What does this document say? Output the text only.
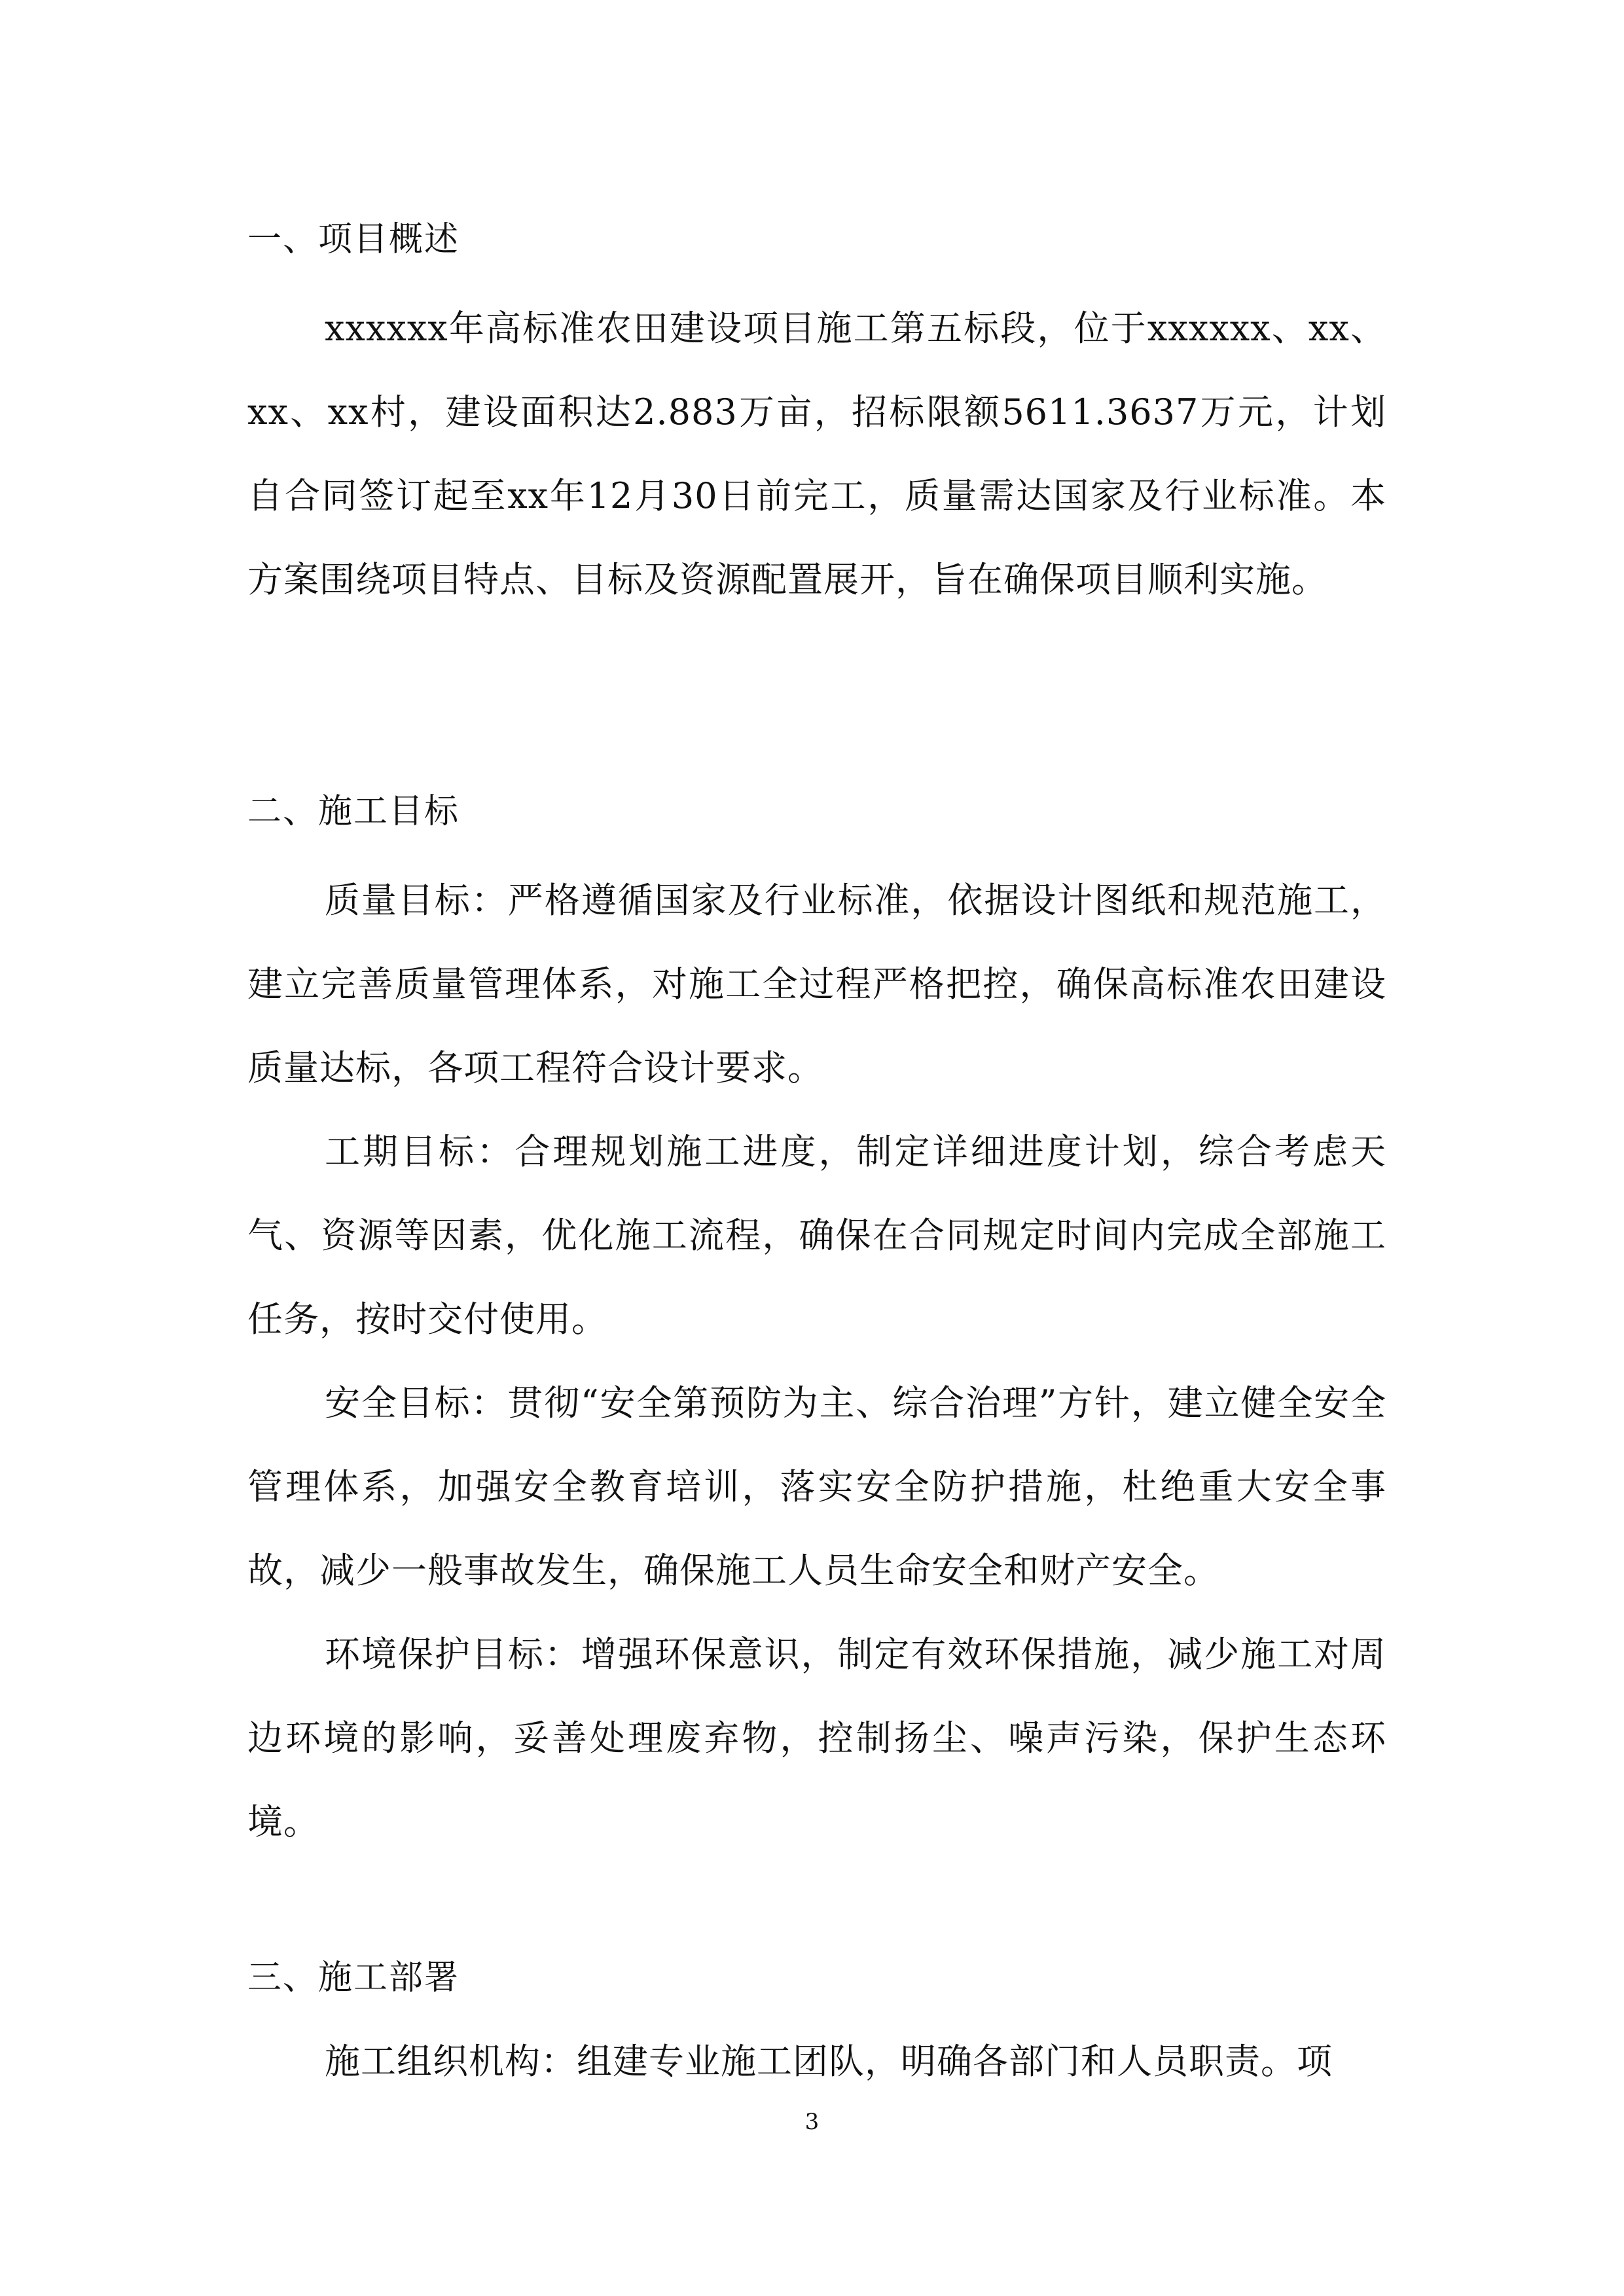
一、项目概述
xxxxxx年高标准农田建设项目施工第五标段，位于xxxxxx、xx、xx、xx村，建设面积达2.883万亩，招标限额5611.3637万元，计划自合同签订起至xx年12月30日前完工，质量需达国家及行业标准。本方案围绕项目特点、目标及资源配置展开，旨在确保项目顺利实施。
二、施工目标
质量目标：严格遵循国家及行业标准，依据设计图纸和规范施工，建立完善质量管理体系，对施工全过程严格把控，确保高标准农田建设质量达标，各项工程符合设计要求。
工期目标：合理规划施工进度，制定详细进度计划，综合考虑天气、资源等因素，优化施工流程，确保在合同规定时间内完成全部施工任务，按时交付使用。
安全目标：贯彻“安全第预防为主、综合治理”方针，建立健全安全管理体系，加强安全教育培训，落实安全防护措施，杜绝重大安全事故，减少一般事故发生，确保施工人员生命安全和财产安全。
环境保护目标：增强环保意识，制定有效环保措施，减少施工对周边环境的影响，妥善处理废弃物，控制扬尘、噪声污染，保护生态环境。
三、施工部署
施工组织机构：组建专业施工团队，明确各部门和人员职责。项
3
